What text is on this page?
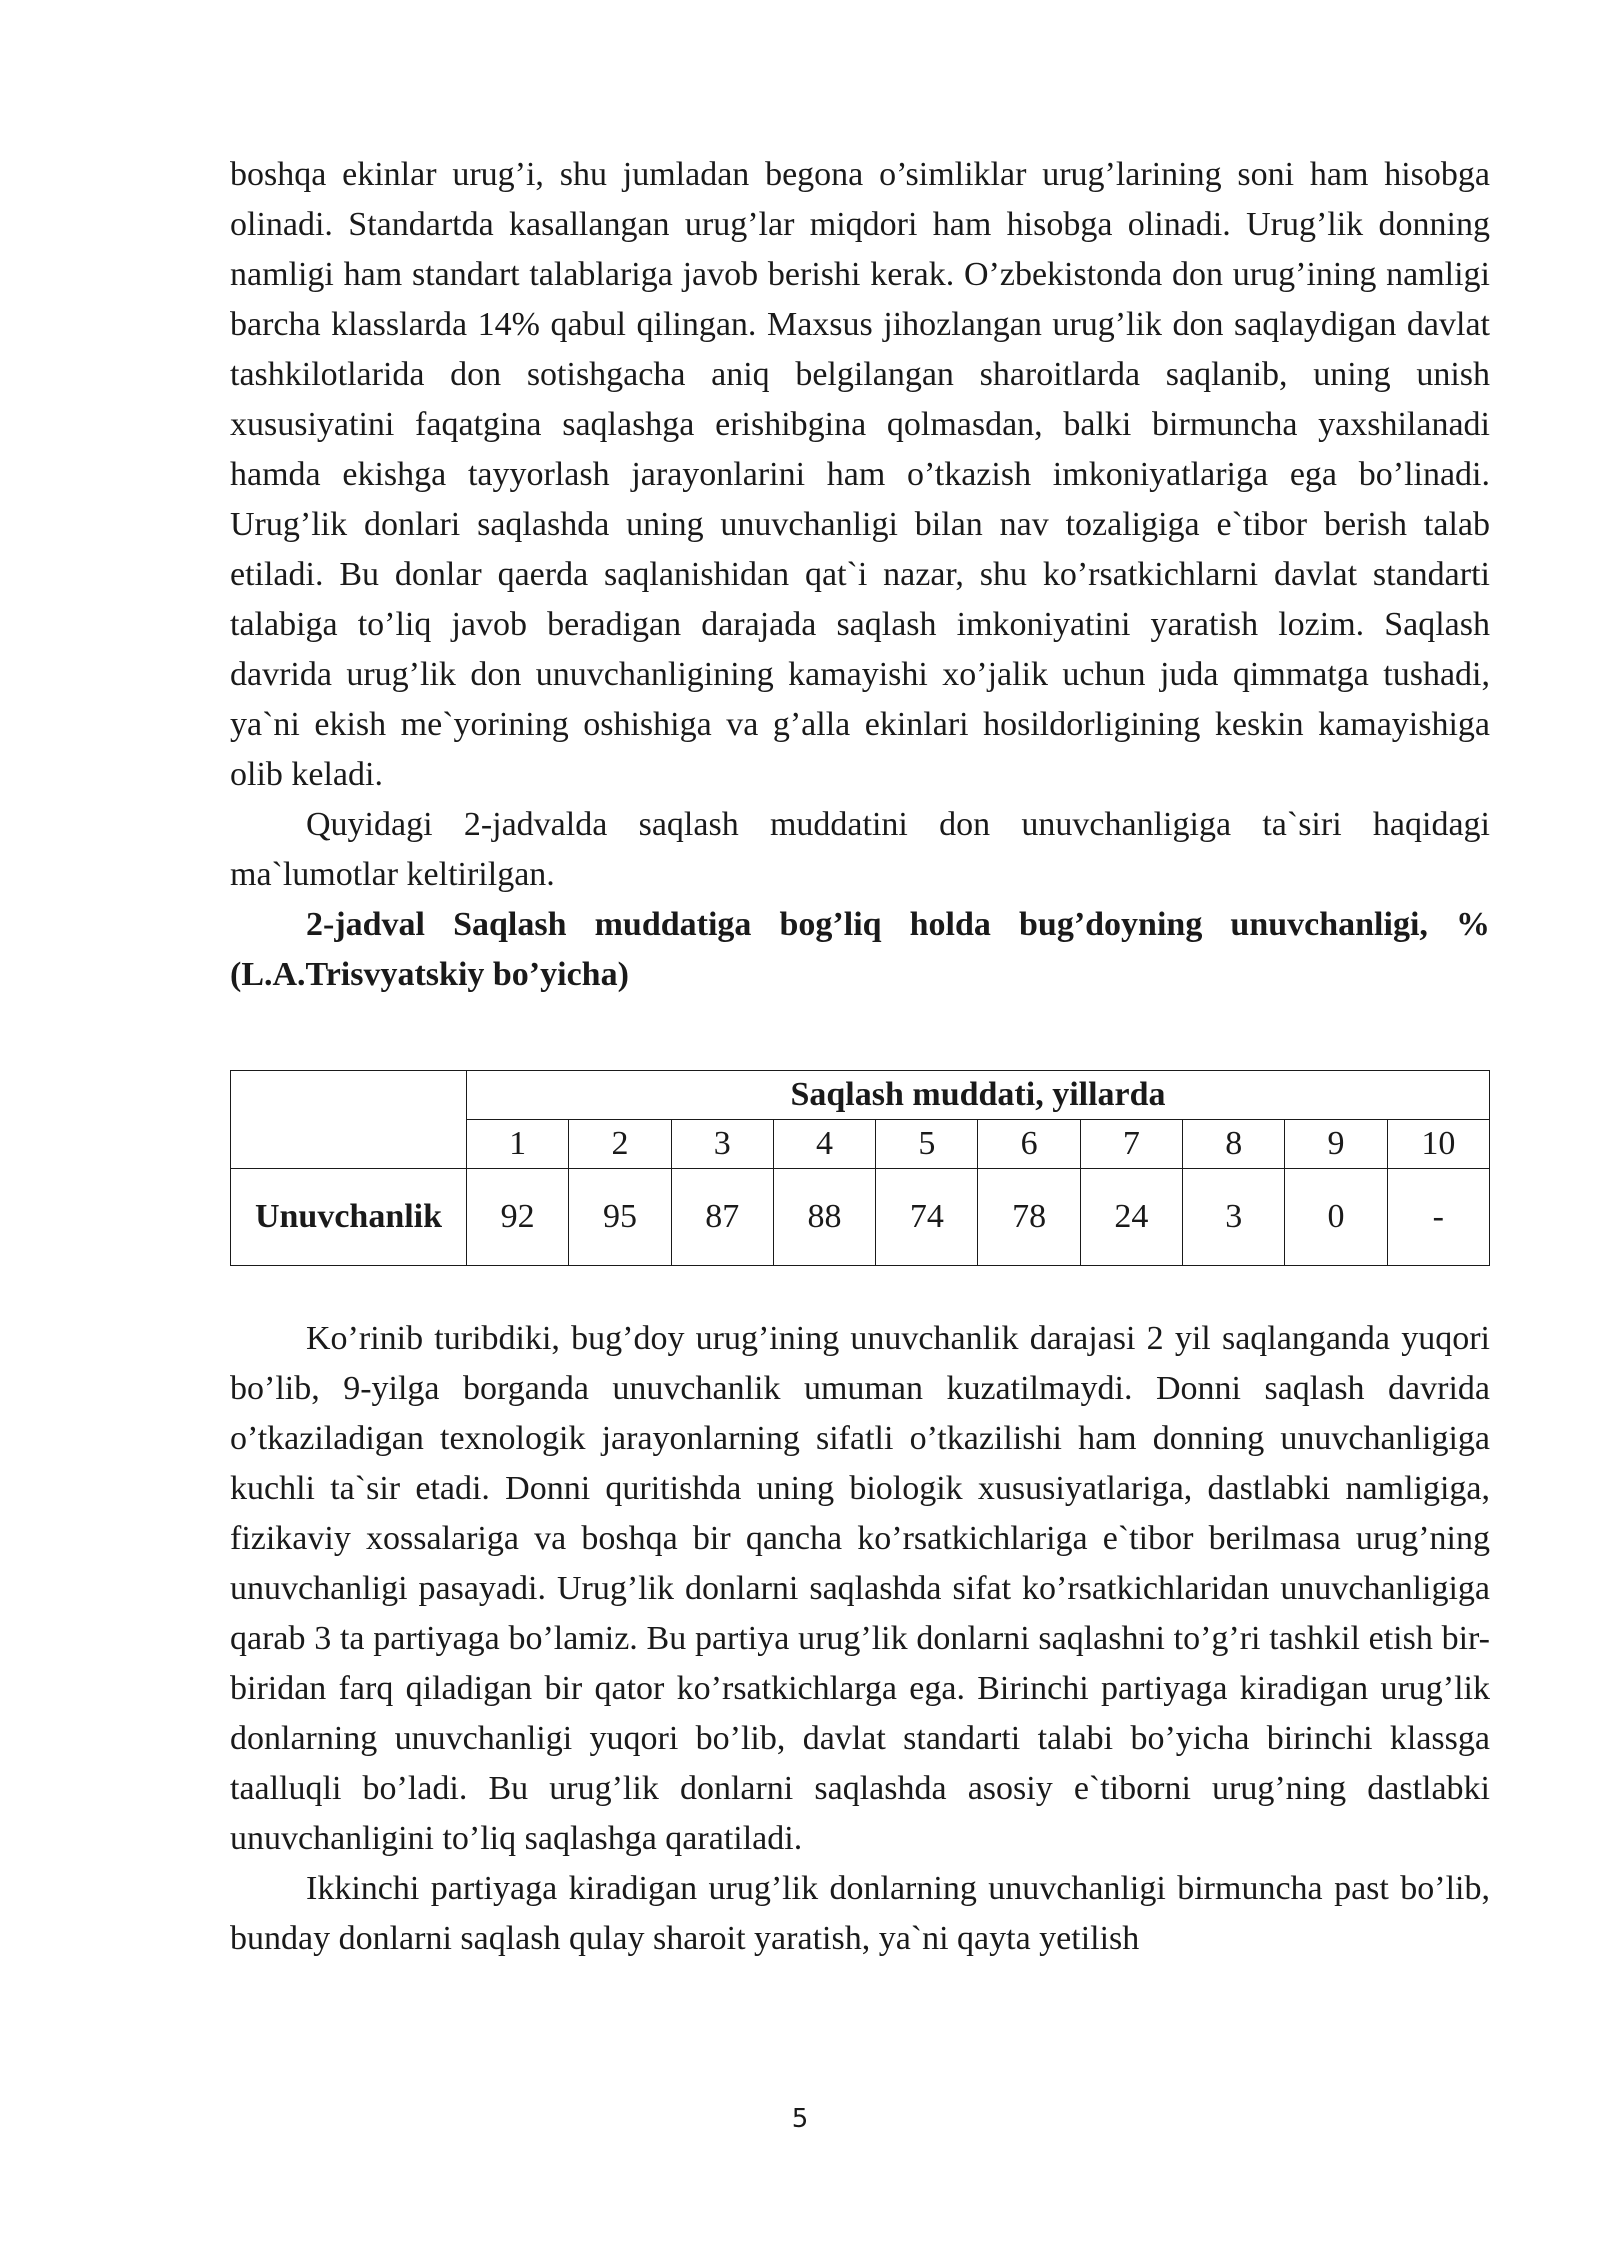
boshqa ekinlar urug’i, shu jumladan begona o’simliklar urug’larining soni ham hisobga olinadi. Standartda kasallangan urug’lar miqdori ham hisobga olinadi. Urug’lik donning namligi ham standart talablariga javob berishi kerak. O’zbekistonda don urug’ining namligi barcha klasslarda 14% qabul qilingan. Maxsus jihozlangan urug’lik don saqlaydigan davlat tashkilotlarida don sotishgacha aniq belgilangan sharoitlarda saqlanib, uning unish xususiyatini faqatgina saqlashga erishibgina qolmasdan, balki birmuncha yaxshilanadi hamda ekishga tayyorlash jarayonlarini ham o’tkazish imkoniyatlariga ega bo’linadi. Urug’lik donlari saqlashda uning unuvchanligi bilan nav tozaligiga e`tibor berish talab etiladi. Bu donlar qaerda saqlanishidan qat`i nazar, shu ko’rsatkichlarni davlat standarti talabiga to’liq javob beradigan darajada saqlash imkoniyatini yaratish lozim. Saqlash davrida urug’lik don unuvchanligining kamayishi xo’jalik uchun juda qimmatga tushadi, ya`ni ekish me`yorining oshishiga va g’alla ekinlari hosildorligining keskin kamayishiga olib keladi.

Quyidagi 2-jadvalda saqlash muddatini don unuvchanligiga ta`siri haqidagi ma`lumotlar keltirilgan.

2-jadval Saqlash muddatiga bog’liq holda bug’doyning unuvchanligi, % (L.A.Trisvyatskiy bo’yicha)

	Saqlash muddati, yillarda									
	1	2	3	4	5	6	7	8	9	10
Unuvchanlik	92	95	87	88	74	78	24	3	0	-

Ko’rinib turibdiki, bug’doy urug’ining unuvchanlik darajasi 2 yil saqlanganda yuqori bo’lib, 9-yilga borganda unuvchanlik umuman kuzatilmaydi. Donni saqlash davrida o’tkaziladigan texnologik jarayonlarning sifatli o’tkazilishi ham donning unuvchanligiga kuchli ta`sir etadi. Donni quritishda uning biologik xususiyatlariga, dastlabki namligiga, fizikaviy xossalariga va boshqa bir qancha ko’rsatkichlariga e`tibor berilmasa urug’ning unuvchanligi pasayadi. Urug’lik donlarni saqlashda sifat ko’rsatkichlaridan unuvchanligiga qarab 3 ta partiyaga bo’lamiz. Bu partiya urug’lik donlarni saqlashni to’g’ri tashkil etish bir-biridan farq qiladigan bir qator ko’rsatkichlarga ega. Birinchi partiyaga kiradigan urug’lik donlarning unuvchanligi yuqori bo’lib, davlat standarti talabi bo’yicha birinchi klassga taalluqli bo’ladi. Bu urug’lik donlarni saqlashda asosiy e`tiborni urug’ning dastlabki unuvchanligini to’liq saqlashga qaratiladi.

Ikkinchi partiyaga kiradigan urug’lik donlarning unuvchanligi birmuncha past bo’lib, bunday donlarni saqlash qulay sharoit yaratish, ya`ni qayta yetilish

5
